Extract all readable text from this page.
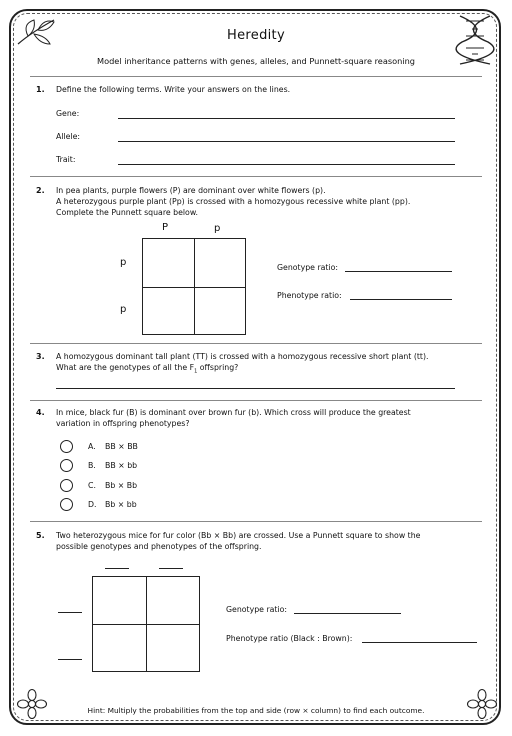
Heredity
Model inheritance patterns with genes, alleles, and Punnett-square reasoning
1. Define the following terms. Write your answers on the lines.
Gene:
Allele:
Trait:
2. In pea plants, purple flowers (P) are dominant over white flowers (p).
A heterozygous purple plant (Pp) is crossed with a homozygous recessive white plant (pp).
Complete the Punnett square below.
P	p
p
p
Genotype ratio:
Phenotype ratio:
3. A homozygous dominant tall plant (TT) is crossed with a homozygous recessive short plant (tt).
What are the genotypes of all the $F_1$ offspring?
4. In mice, black fur (B) is dominant over brown fur (b). Which cross will produce the greatest
variation in offspring phenotypes?
A. BB × BB
B. BB × bb
C. Bb × Bb
D. Bb × bb
5. Two heterozygous mice for fur color (Bb × Bb) are crossed. Use a Punnett square to show the
possible genotypes and phenotypes of the offspring.
Genotype ratio:
Phenotype ratio (Black : Brown):
Hint: Multiply the probabilities from the top and side (row × column) to find each outcome.
